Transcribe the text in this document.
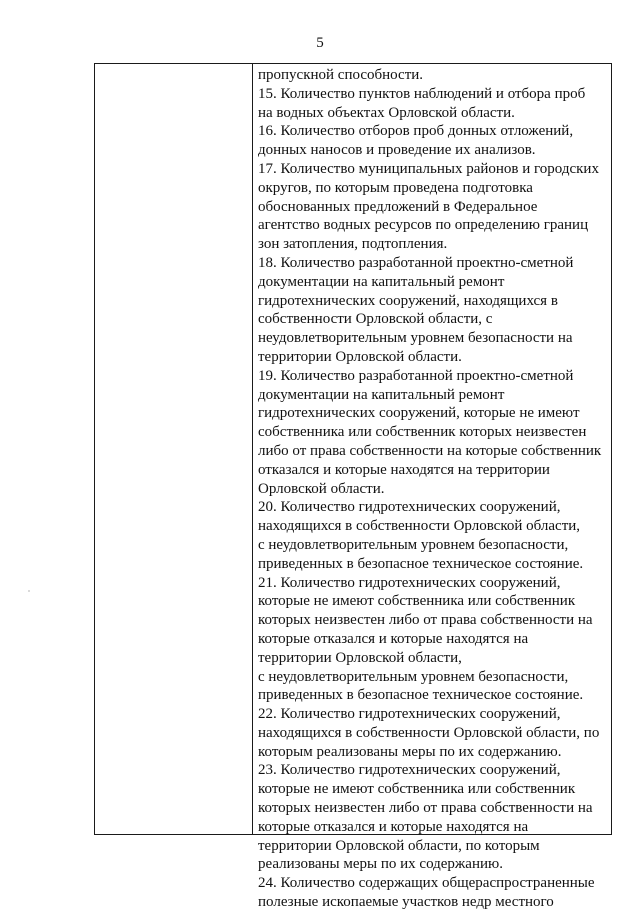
5
пропускной способности.
15. Количество пунктов наблюдений и отбора проб
на водных объектах Орловской области.
16. Количество отборов проб донных отложений,
донных наносов и проведение их анализов.
17. Количество муниципальных районов и городских
округов, по которым проведена подготовка
обоснованных предложений в Федеральное
агентство водных ресурсов по определению границ
зон затопления, подтопления.
18. Количество разработанной проектно-сметной
документации на капитальный ремонт
гидротехнических сооружений, находящихся в
собственности Орловской области, с
неудовлетворительным уровнем безопасности на
территории Орловской области.
19. Количество разработанной проектно-сметной
документации на капитальный ремонт
гидротехнических сооружений, которые не имеют
собственника или собственник которых неизвестен
либо от права собственности на которые собственник
отказался и которые находятся на территории
Орловской области.
20. Количество гидротехнических сооружений,
находящихся в собственности Орловской области,
с неудовлетворительным уровнем безопасности,
приведенных в безопасное техническое состояние.
21. Количество гидротехнических сооружений,
которые не имеют собственника или собственник
которых неизвестен либо от права собственности на
которые отказался и которые находятся на
территории Орловской области,
с неудовлетворительным уровнем безопасности,
приведенных в безопасное техническое состояние.
22. Количество гидротехнических сооружений,
находящихся в собственности Орловской области, по
которым реализованы меры по их содержанию.
23. Количество гидротехнических сооружений,
которые не имеют собственника или собственник
которых неизвестен либо от права собственности на
которые отказался и которые находятся на
территории Орловской области, по которым
реализованы меры по их содержанию.
24. Количество содержащих общераспространенные
полезные ископаемые участков недр местного
